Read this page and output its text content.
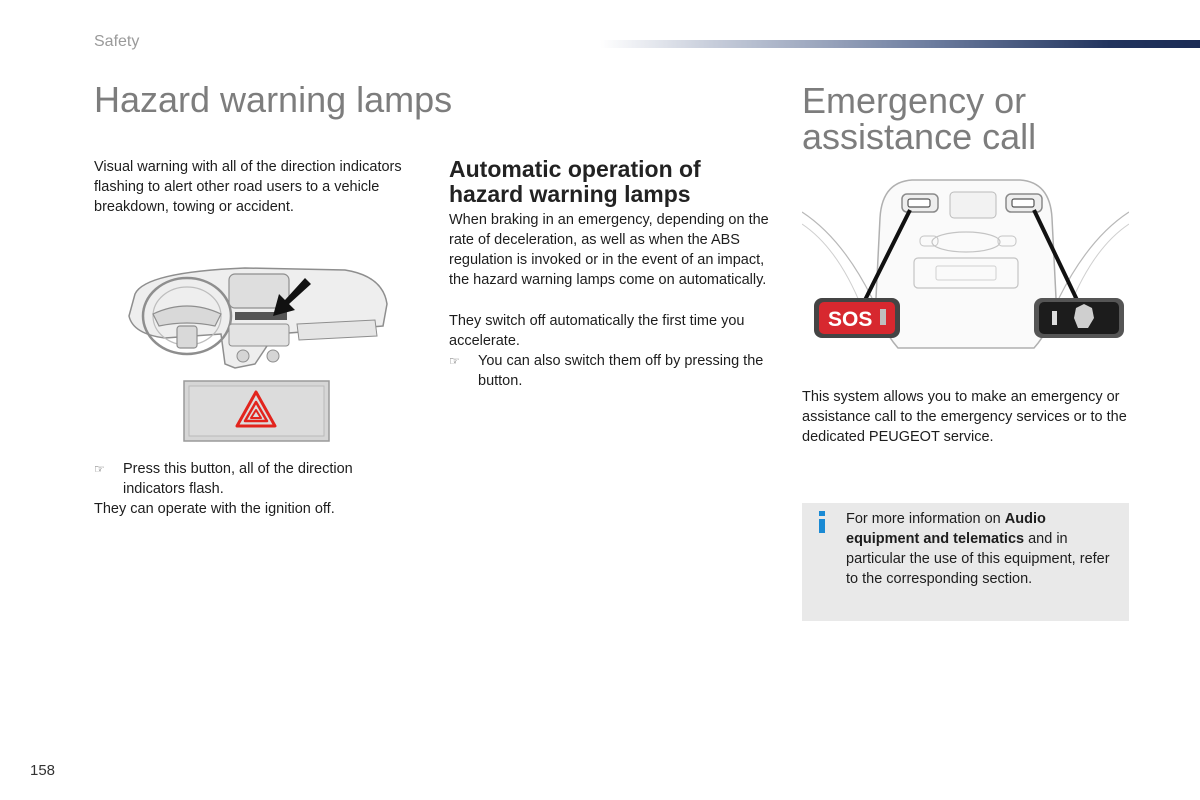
Safety
Hazard warning lamps

Visual warning with all of the direction indicators flashing to alert other road users to a vehicle breakdown, towing or accident.

☞	Press this button, all of the direction indicators flash.

They can operate with the ignition off.

Automatic operation of hazard warning lamps

When braking in an emergency, depending on the rate of deceleration, as well as when the ABS regulation is invoked or in the event of an impact, the hazard warning lamps come on automatically.

They switch off automatically the first time you accelerate.

☞	You can also switch them off by pressing the button.
Emergency or assistance call
SOS

This system allows you to make an emergency or assistance call to the emergency services or to the dedicated PEUGEOT service.

For more information on Audio equipment and telematics and in particular the use of this equipment, refer to the corresponding section.
158
